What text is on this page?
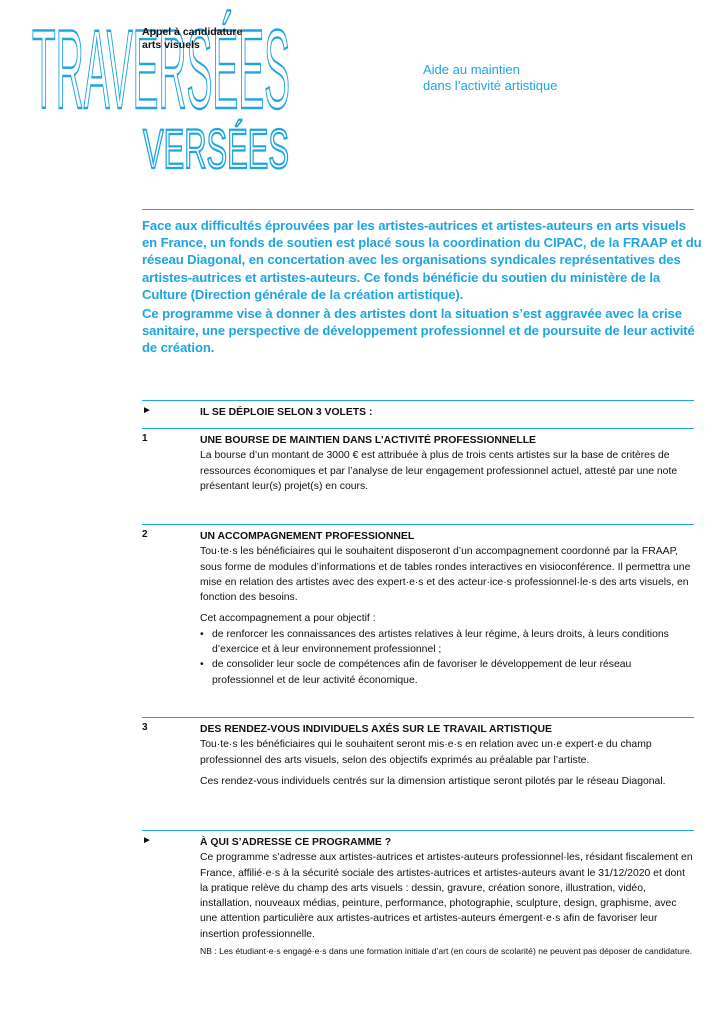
TRAVERSÉES
VERSÉES
Appel à candidature
arts visuels
Aide au maintien
dans l’activité artistique

Face aux difficultés éprouvées par les artistes-autrices et artistes-auteurs en arts visuels en France, un fonds de soutien est placé sous la coordination du CIPAC, de la FRAAP et du réseau Diagonal, en concertation avec les organisations syndicales représentatives des artistes-autrices et artistes-auteurs. Ce fonds bénéficie du soutien du ministère de la Culture (Direction générale de la création artistique).

Ce programme vise à donner à des artistes dont la situation s’est aggravée avec la crise sanitaire, une perspective de développement professionnel et de poursuite de leur activité de création.

►	IL SE DÉPLOIE SELON 3 VOLETS :
1	UNE BOURSE DE MAINTIEN DANS L’ACTIVITÉ PROFESSIONNELLE

La bourse d’un montant de 3000 € est attribuée à plus de trois cents artistes sur la base de critères de ressources économiques et par l’analyse de leur engagement professionnel actuel, attesté par une note présentant leur(s) projet(s) en cours.

2	UN ACCOMPAGNEMENT PROFESSIONNEL

Tou·te·s les bénéficiaires qui le souhaitent disposeront d’un accompagnement coordonné par la FRAAP, sous forme de modules d’informations et de tables rondes interactives en visioconférence. Il permettra une mise en relation des artistes avec des expert·e·s et des acteur·ice·s professionnel·le·s des arts visuels, en fonction des besoins.

Cet accompagnement a pour objectif :
• de renforcer les connaissances des artistes relatives à leur régime, à leurs droits, à leurs conditions d’exercice et à leur environnement professionnel ;
• de consolider leur socle de compétences afin de favoriser le développement de leur réseau professionnel et de leur activité économique.
3	DES RENDEZ-VOUS INDIVIDUELS AXÉS SUR LE TRAVAIL ARTISTIQUE

Tou·te·s les bénéficiaires qui le souhaitent seront mis·e·s en relation avec un·e expert·e du champ professionnel des arts visuels, selon des objectifs exprimés au préalable par l’artiste.

Ces rendez-vous individuels centrés sur la dimension artistique seront pilotés par le réseau Diagonal.

►	À QUI S’ADRESSE CE PROGRAMME ?

Ce programme s’adresse aux artistes-autrices et artistes-auteurs professionnel·les, résidant fiscalement en France, affilié·e·s à la sécurité sociale des artistes-autrices et artistes-auteurs avant le 31/12/2020 et dont la pratique relève du champ des arts visuels : dessin, gravure, création sonore, illustration, vidéo, installation, nouveaux médias, peinture, performance, photographie, sculpture, design, graphisme, avec une attention particulière aux artistes-autrices et artistes-auteurs émergent·e·s afin de favoriser leur insertion professionnelle.

NB : Les étudiant·e·s engagé·e·s dans une formation initiale d’art (en cours de scolarité) ne peuvent pas déposer de candidature.
